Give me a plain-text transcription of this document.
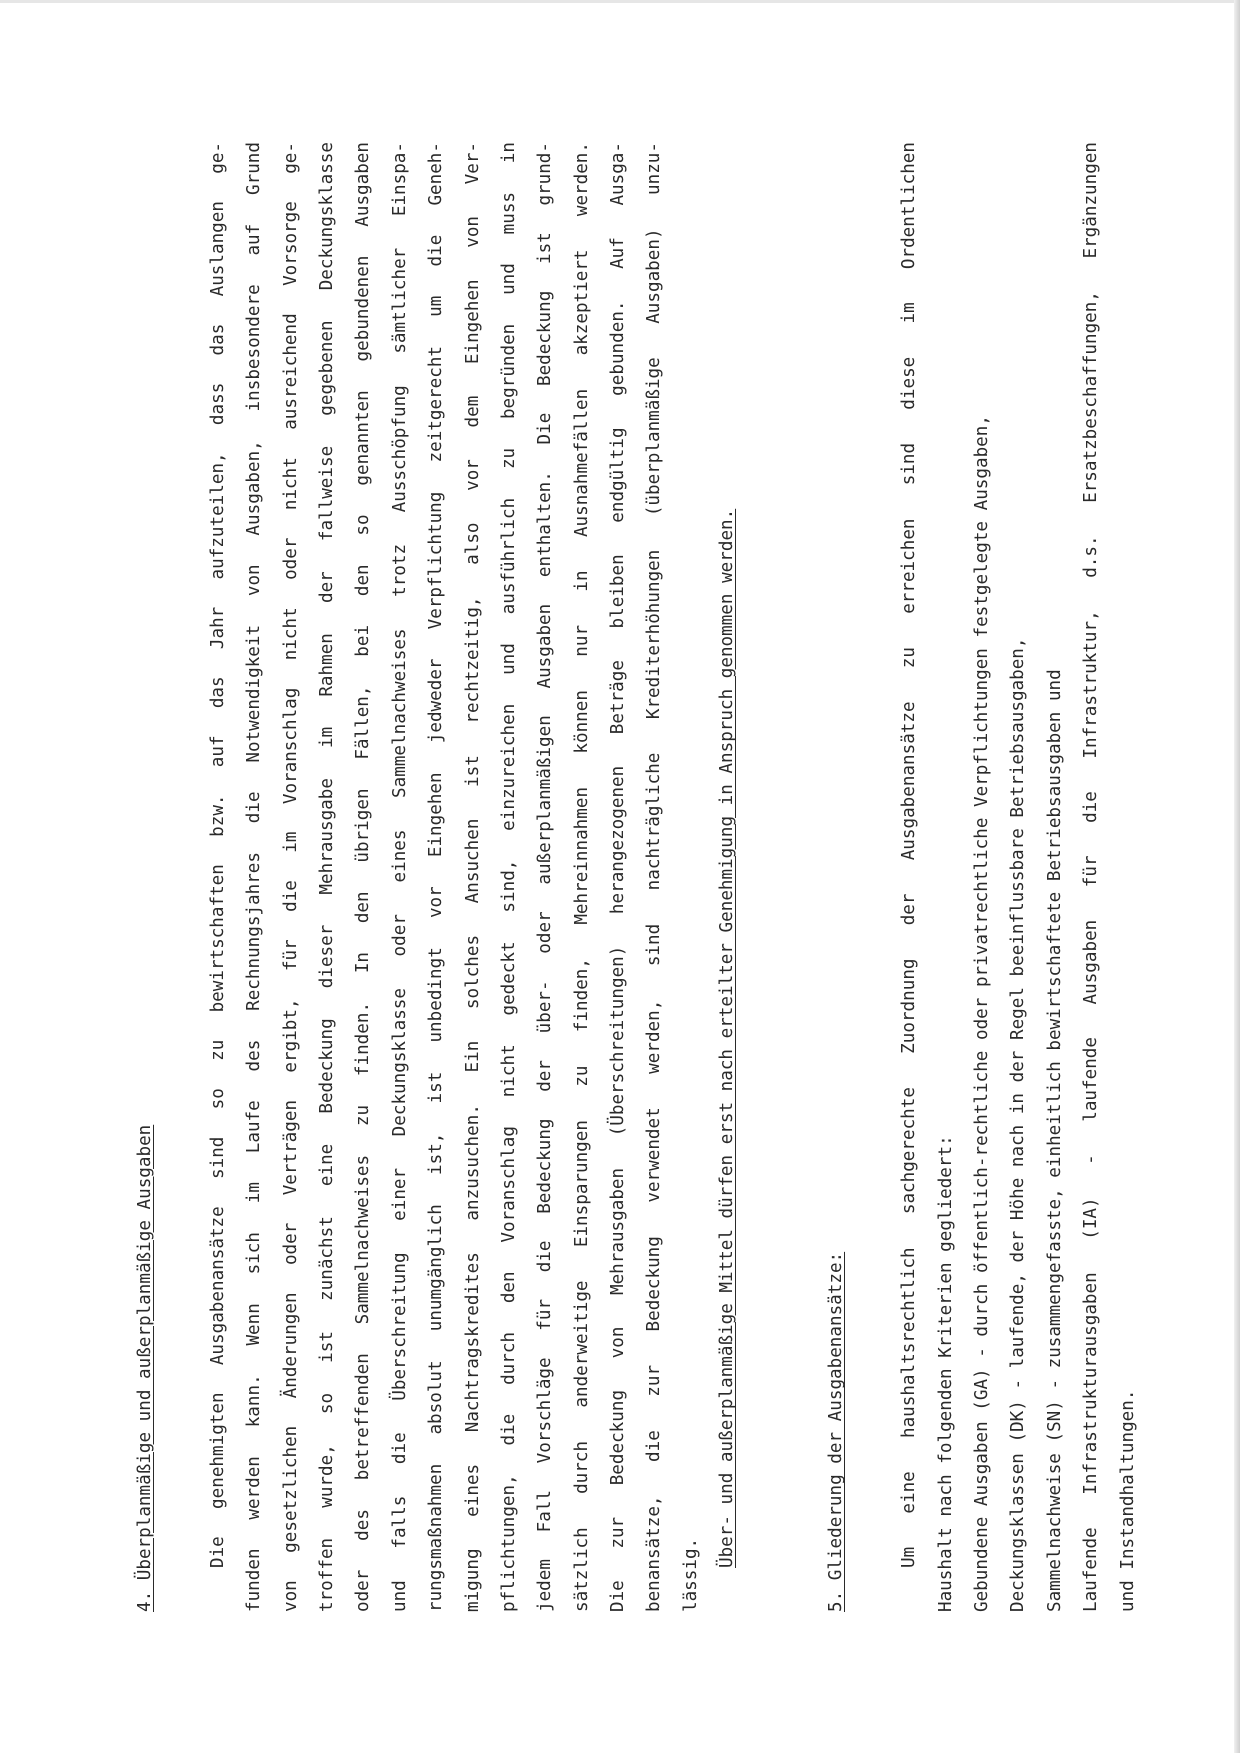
4. Überplanmäßige und außerplanmäßige Ausgaben	Die genehmigten Ausgabenansätze sind so zu bewirtschaften bzw. auf das Jahr aufzuteilen, dass das Auslangen ge- funden werden kann. Wenn sich im Laufe des Rechnungsjahres die Notwendigkeit von Ausgaben, insbesondere auf Grund von gesetzlichen Änderungen oder Verträgen ergibt, für die im Voranschlag nicht oder nicht ausreichend Vorsorge ge- troffen wurde, so ist zunächst eine Bedeckung dieser Mehrausgabe im Rahmen der fallweise gegebenen Deckungsklasse oder des betreffenden Sammelnachweises zu finden. In den übrigen Fällen, bei den so genannten gebundenen Ausgaben und falls die Überschreitung einer Deckungsklasse oder eines Sammelnachweises trotz Ausschöpfung sämtlicher Einspa- rungsmaßnahmen absolut unumgänglich ist, ist unbedingt vor Eingehen jedweder Verpflichtung zeitgerecht um die Geneh- migung eines Nachtragskredites anzusuchen. Ein solches Ansuchen ist rechtzeitig, also vor dem Eingehen von Ver- pflichtungen, die durch den Voranschlag nicht gedeckt sind, einzureichen und ausführlich zu begründen und muss in jedem Fall Vorschläge für die Bedeckung der über- oder außerplanmäßigen Ausgaben enthalten. Die Bedeckung ist grund- sätzlich durch anderweitige Einsparungen zu finden, Mehreinnahmen können nur in Ausnahmefällen akzeptiert werden. Die zur Bedeckung von Mehrausgaben (Überschreitungen) herangezogenen Beträge bleiben endgültig gebunden. Auf Ausga- benansätze, die zur Bedeckung verwendet werden, sind nachträgliche Krediterhöhungen (überplanmäßige Ausgaben) unzu- lässig.
Über- und außerplanmäßige Mittel dürfen erst nach erteilter Genehmigung in Anspruch genommen werden.	5. Gliederung der Ausgabenansätze:	Um eine haushaltsrechtlich sachgerechte Zuordnung der Ausgabenansätze zu erreichen sind diese im Ordentlichen Haushalt nach folgenden Kriterien gegliedert: Gebundene Ausgaben (GA) - durch öffentlich-rechtliche oder privatrechtliche Verpflichtungen festgelegte Ausgaben, Deckungsklassen (DK) - laufende, der Höhe nach in der Regel beeinflussbare Betriebsausgaben, Sammelnachweise (SN) - zusammengefasste, einheitlich bewirtschaftete Betriebsausgaben und Laufende Infrastrukturausgaben (IA) - laufende Ausgaben für die Infrastruktur, d.s. Ersatzbeschaffungen, Ergänzungen und Instandhaltungen.
